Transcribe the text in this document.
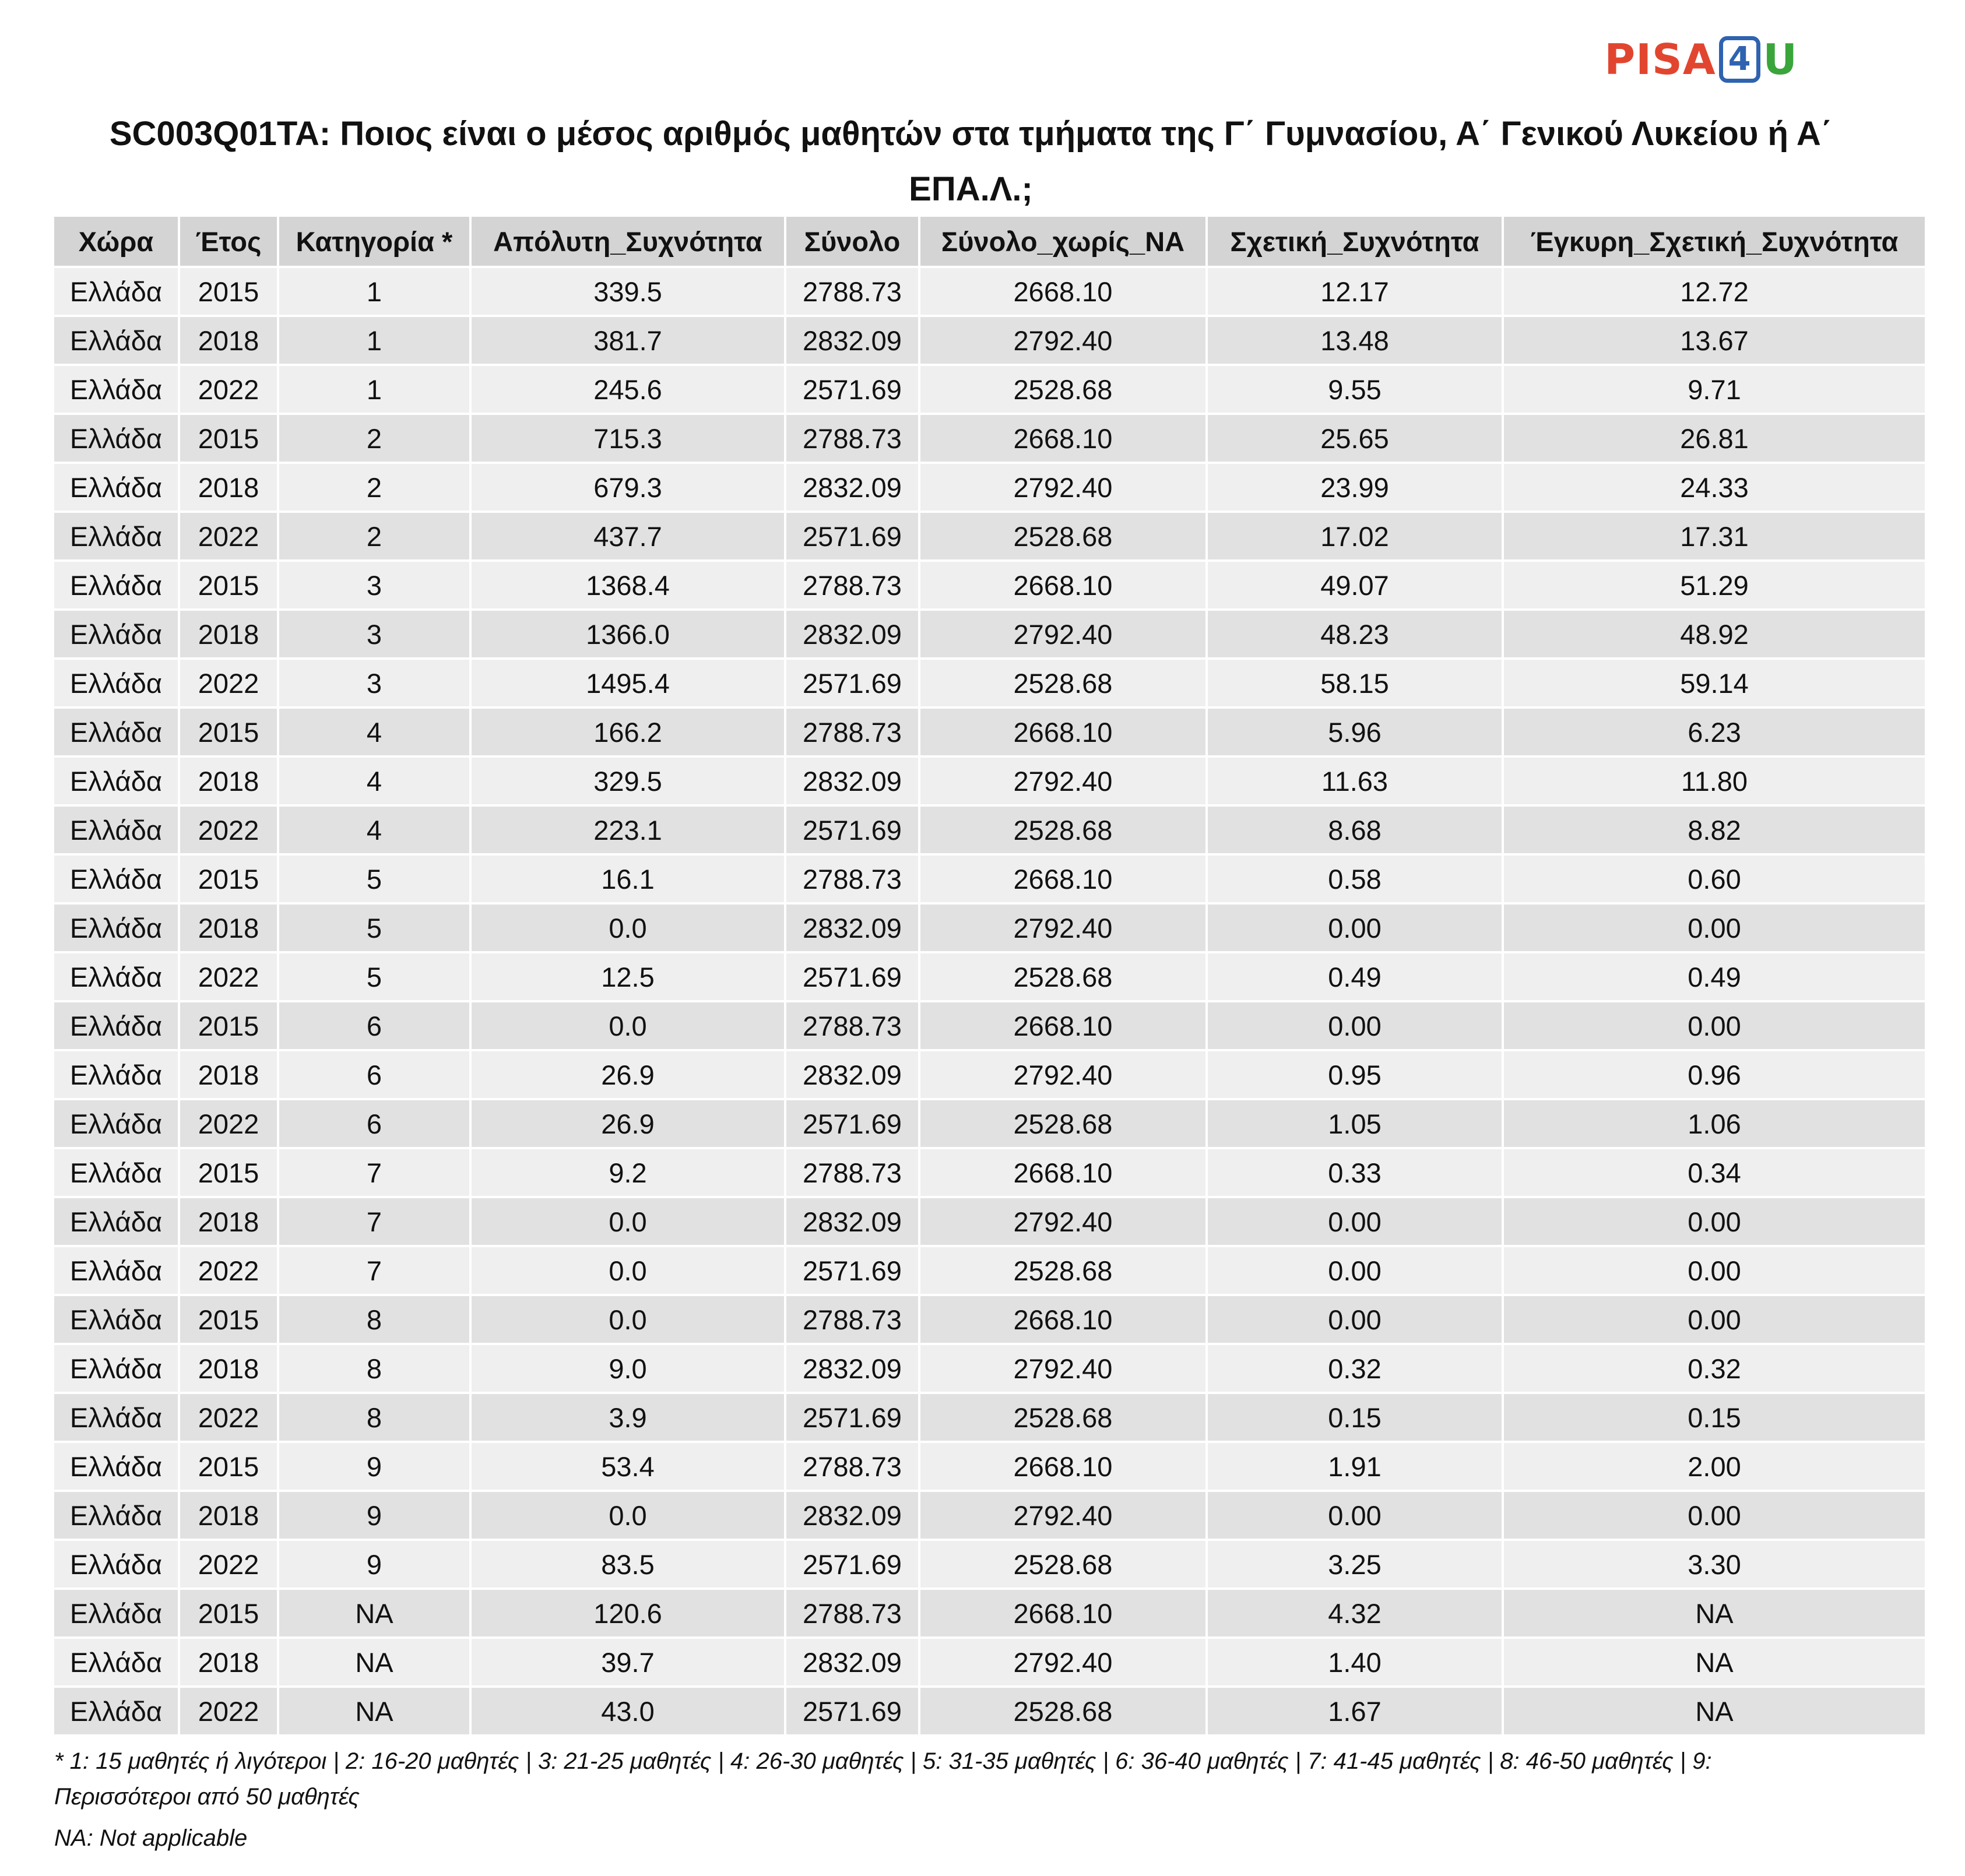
PISA 4 U
SC003Q01TA: Ποιος είναι ο μέσος αριθμός μαθητών στα τμήματα της Γ΄ Γυμνασίου, Α΄ Γενικού Λυκείου ή Α΄ ΕΠΑ.Λ.;
Χώρα	Έτος	Κατηγορία *	Απόλυτη_Συχνότητα	Σύνολο	Σύνολο_χωρίς_NA	Σχετική_Συχνότητα	Έγκυρη_Σχετική_Συχνότητα
Ελλάδα	2015	1	339.5	2788.73	2668.10	12.17	12.72
Ελλάδα	2018	1	381.7	2832.09	2792.40	13.48	13.67
Ελλάδα	2022	1	245.6	2571.69	2528.68	9.55	9.71
Ελλάδα	2015	2	715.3	2788.73	2668.10	25.65	26.81
Ελλάδα	2018	2	679.3	2832.09	2792.40	23.99	24.33
Ελλάδα	2022	2	437.7	2571.69	2528.68	17.02	17.31
Ελλάδα	2015	3	1368.4	2788.73	2668.10	49.07	51.29
Ελλάδα	2018	3	1366.0	2832.09	2792.40	48.23	48.92
Ελλάδα	2022	3	1495.4	2571.69	2528.68	58.15	59.14
Ελλάδα	2015	4	166.2	2788.73	2668.10	5.96	6.23
Ελλάδα	2018	4	329.5	2832.09	2792.40	11.63	11.80
Ελλάδα	2022	4	223.1	2571.69	2528.68	8.68	8.82
Ελλάδα	2015	5	16.1	2788.73	2668.10	0.58	0.60
Ελλάδα	2018	5	0.0	2832.09	2792.40	0.00	0.00
Ελλάδα	2022	5	12.5	2571.69	2528.68	0.49	0.49
Ελλάδα	2015	6	0.0	2788.73	2668.10	0.00	0.00
Ελλάδα	2018	6	26.9	2832.09	2792.40	0.95	0.96
Ελλάδα	2022	6	26.9	2571.69	2528.68	1.05	1.06
Ελλάδα	2015	7	9.2	2788.73	2668.10	0.33	0.34
Ελλάδα	2018	7	0.0	2832.09	2792.40	0.00	0.00
Ελλάδα	2022	7	0.0	2571.69	2528.68	0.00	0.00
Ελλάδα	2015	8	0.0	2788.73	2668.10	0.00	0.00
Ελλάδα	2018	8	9.0	2832.09	2792.40	0.32	0.32
Ελλάδα	2022	8	3.9	2571.69	2528.68	0.15	0.15
Ελλάδα	2015	9	53.4	2788.73	2668.10	1.91	2.00
Ελλάδα	2018	9	0.0	2832.09	2792.40	0.00	0.00
Ελλάδα	2022	9	83.5	2571.69	2528.68	3.25	3.30
Ελλάδα	2015	NA	120.6	2788.73	2668.10	4.32	NA
Ελλάδα	2018	NA	39.7	2832.09	2792.40	1.40	NA
Ελλάδα	2022	NA	43.0	2571.69	2528.68	1.67	NA
* 1: 15 μαθητές ή λιγότεροι | 2: 16-20 μαθητές | 3: 21-25 μαθητές | 4: 26-30 μαθητές | 5: 31-35 μαθητές | 6: 36-40 μαθητές | 7: 41-45 μαθητές | 8: 46-50 μαθητές | 9: Περισσότεροι από 50 μαθητές
NA: Not applicable
